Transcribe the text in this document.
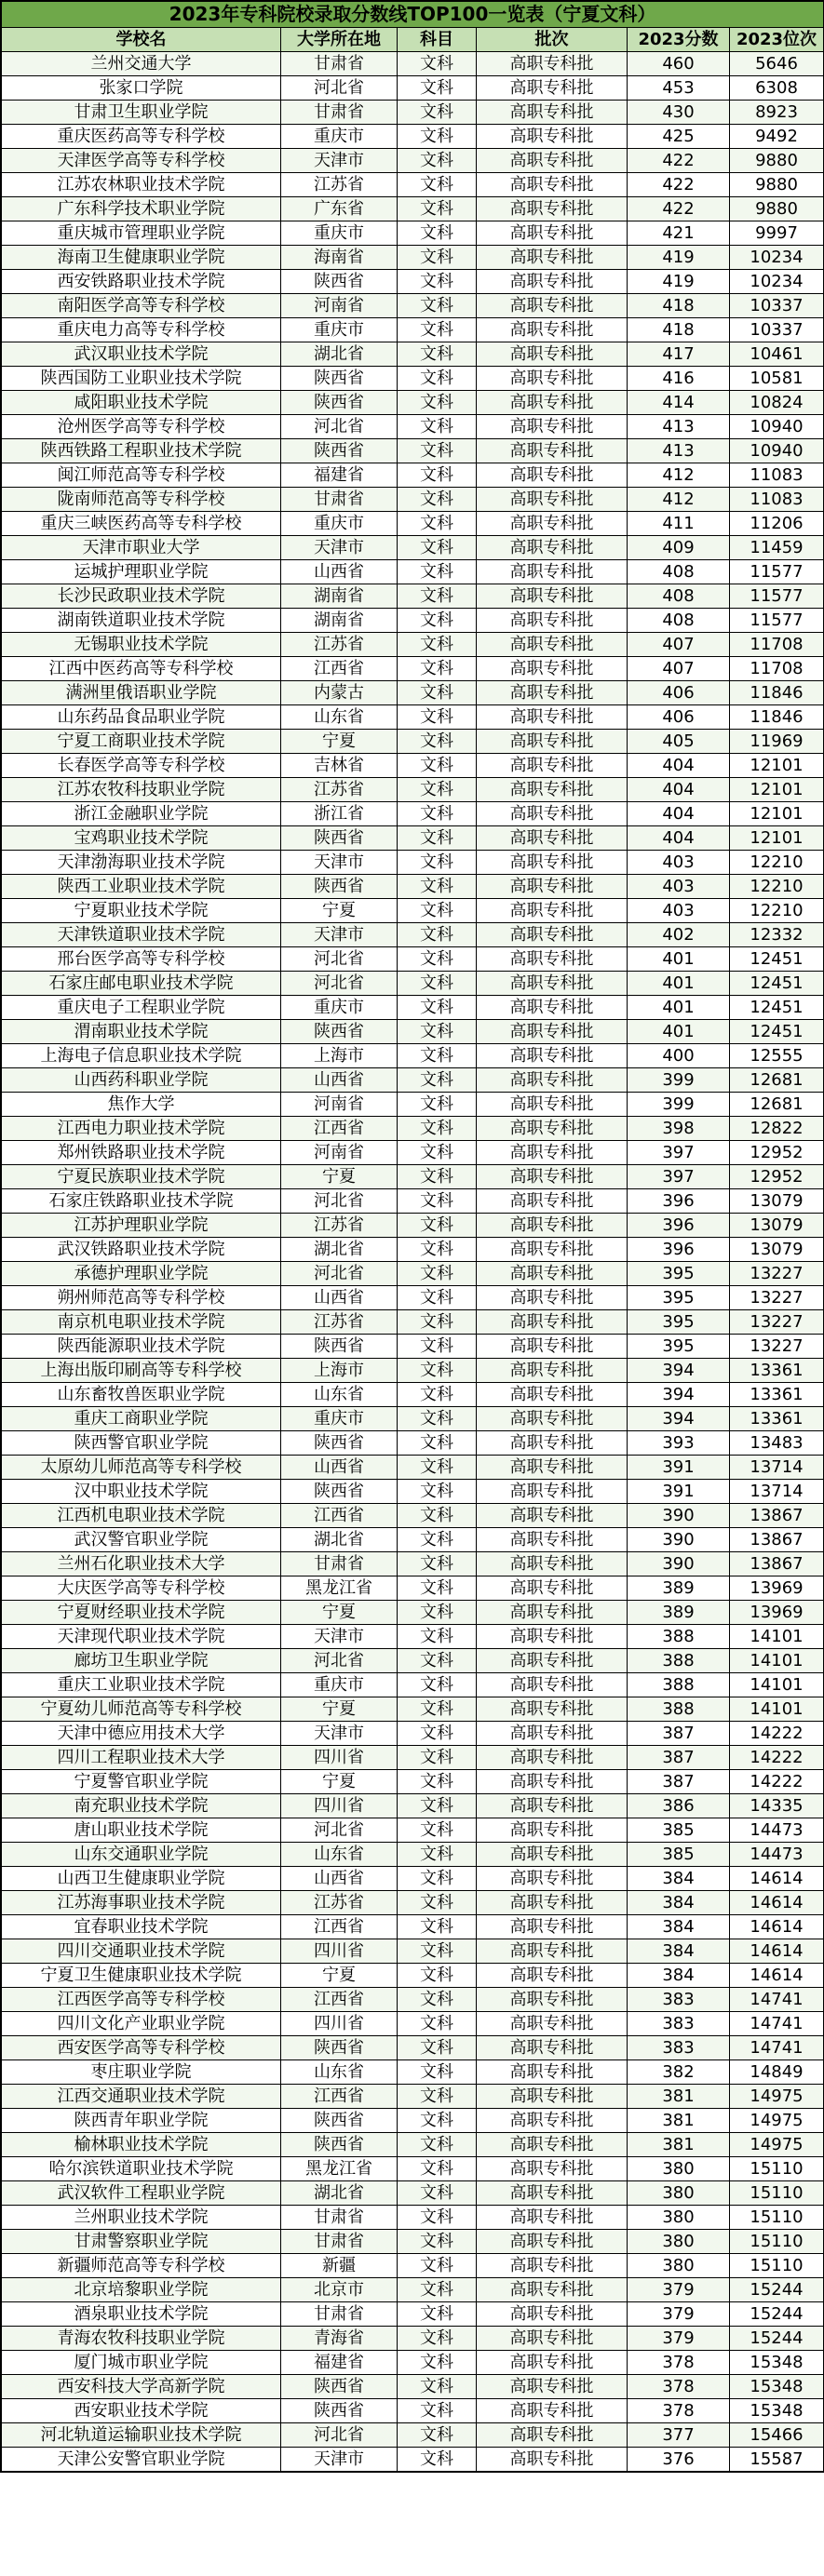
2023年专科院校录取分数线TOP100一览表（宁夏文科）					
学校名	大学所在地	科目	批次	2023分数	2023位次
兰州交通大学	甘肃省	文科	高职专科批	460	5646
张家口学院	河北省	文科	高职专科批	453	6308
甘肃卫生职业学院	甘肃省	文科	高职专科批	430	8923
重庆医药高等专科学校	重庆市	文科	高职专科批	425	9492
天津医学高等专科学校	天津市	文科	高职专科批	422	9880
江苏农林职业技术学院	江苏省	文科	高职专科批	422	9880
广东科学技术职业学院	广东省	文科	高职专科批	422	9880
重庆城市管理职业学院	重庆市	文科	高职专科批	421	9997
海南卫生健康职业学院	海南省	文科	高职专科批	419	10234
西安铁路职业技术学院	陕西省	文科	高职专科批	419	10234
南阳医学高等专科学校	河南省	文科	高职专科批	418	10337
重庆电力高等专科学校	重庆市	文科	高职专科批	418	10337
武汉职业技术学院	湖北省	文科	高职专科批	417	10461
陕西国防工业职业技术学院	陕西省	文科	高职专科批	416	10581
咸阳职业技术学院	陕西省	文科	高职专科批	414	10824
沧州医学高等专科学校	河北省	文科	高职专科批	413	10940
陕西铁路工程职业技术学院	陕西省	文科	高职专科批	413	10940
闽江师范高等专科学校	福建省	文科	高职专科批	412	11083
陇南师范高等专科学校	甘肃省	文科	高职专科批	412	11083
重庆三峡医药高等专科学校	重庆市	文科	高职专科批	411	11206
天津市职业大学	天津市	文科	高职专科批	409	11459
运城护理职业学院	山西省	文科	高职专科批	408	11577
长沙民政职业技术学院	湖南省	文科	高职专科批	408	11577
湖南铁道职业技术学院	湖南省	文科	高职专科批	408	11577
无锡职业技术学院	江苏省	文科	高职专科批	407	11708
江西中医药高等专科学校	江西省	文科	高职专科批	407	11708
满洲里俄语职业学院	内蒙古	文科	高职专科批	406	11846
山东药品食品职业学院	山东省	文科	高职专科批	406	11846
宁夏工商职业技术学院	宁夏	文科	高职专科批	405	11969
长春医学高等专科学校	吉林省	文科	高职专科批	404	12101
江苏农牧科技职业学院	江苏省	文科	高职专科批	404	12101
浙江金融职业学院	浙江省	文科	高职专科批	404	12101
宝鸡职业技术学院	陕西省	文科	高职专科批	404	12101
天津渤海职业技术学院	天津市	文科	高职专科批	403	12210
陕西工业职业技术学院	陕西省	文科	高职专科批	403	12210
宁夏职业技术学院	宁夏	文科	高职专科批	403	12210
天津铁道职业技术学院	天津市	文科	高职专科批	402	12332
邢台医学高等专科学校	河北省	文科	高职专科批	401	12451
石家庄邮电职业技术学院	河北省	文科	高职专科批	401	12451
重庆电子工程职业学院	重庆市	文科	高职专科批	401	12451
渭南职业技术学院	陕西省	文科	高职专科批	401	12451
上海电子信息职业技术学院	上海市	文科	高职专科批	400	12555
山西药科职业学院	山西省	文科	高职专科批	399	12681
焦作大学	河南省	文科	高职专科批	399	12681
江西电力职业技术学院	江西省	文科	高职专科批	398	12822
郑州铁路职业技术学院	河南省	文科	高职专科批	397	12952
宁夏民族职业技术学院	宁夏	文科	高职专科批	397	12952
石家庄铁路职业技术学院	河北省	文科	高职专科批	396	13079
江苏护理职业学院	江苏省	文科	高职专科批	396	13079
武汉铁路职业技术学院	湖北省	文科	高职专科批	396	13079
承德护理职业学院	河北省	文科	高职专科批	395	13227
朔州师范高等专科学校	山西省	文科	高职专科批	395	13227
南京机电职业技术学院	江苏省	文科	高职专科批	395	13227
陕西能源职业技术学院	陕西省	文科	高职专科批	395	13227
上海出版印刷高等专科学校	上海市	文科	高职专科批	394	13361
山东畜牧兽医职业学院	山东省	文科	高职专科批	394	13361
重庆工商职业学院	重庆市	文科	高职专科批	394	13361
陕西警官职业学院	陕西省	文科	高职专科批	393	13483
太原幼儿师范高等专科学校	山西省	文科	高职专科批	391	13714
汉中职业技术学院	陕西省	文科	高职专科批	391	13714
江西机电职业技术学院	江西省	文科	高职专科批	390	13867
武汉警官职业学院	湖北省	文科	高职专科批	390	13867
兰州石化职业技术大学	甘肃省	文科	高职专科批	390	13867
大庆医学高等专科学校	黑龙江省	文科	高职专科批	389	13969
宁夏财经职业技术学院	宁夏	文科	高职专科批	389	13969
天津现代职业技术学院	天津市	文科	高职专科批	388	14101
廊坊卫生职业学院	河北省	文科	高职专科批	388	14101
重庆工业职业技术学院	重庆市	文科	高职专科批	388	14101
宁夏幼儿师范高等专科学校	宁夏	文科	高职专科批	388	14101
天津中德应用技术大学	天津市	文科	高职专科批	387	14222
四川工程职业技术大学	四川省	文科	高职专科批	387	14222
宁夏警官职业学院	宁夏	文科	高职专科批	387	14222
南充职业技术学院	四川省	文科	高职专科批	386	14335
唐山职业技术学院	河北省	文科	高职专科批	385	14473
山东交通职业学院	山东省	文科	高职专科批	385	14473
山西卫生健康职业学院	山西省	文科	高职专科批	384	14614
江苏海事职业技术学院	江苏省	文科	高职专科批	384	14614
宜春职业技术学院	江西省	文科	高职专科批	384	14614
四川交通职业技术学院	四川省	文科	高职专科批	384	14614
宁夏卫生健康职业技术学院	宁夏	文科	高职专科批	384	14614
江西医学高等专科学校	江西省	文科	高职专科批	383	14741
四川文化产业职业学院	四川省	文科	高职专科批	383	14741
西安医学高等专科学校	陕西省	文科	高职专科批	383	14741
枣庄职业学院	山东省	文科	高职专科批	382	14849
江西交通职业技术学院	江西省	文科	高职专科批	381	14975
陕西青年职业学院	陕西省	文科	高职专科批	381	14975
榆林职业技术学院	陕西省	文科	高职专科批	381	14975
哈尔滨铁道职业技术学院	黑龙江省	文科	高职专科批	380	15110
武汉软件工程职业学院	湖北省	文科	高职专科批	380	15110
兰州职业技术学院	甘肃省	文科	高职专科批	380	15110
甘肃警察职业学院	甘肃省	文科	高职专科批	380	15110
新疆师范高等专科学校	新疆	文科	高职专科批	380	15110
北京培黎职业学院	北京市	文科	高职专科批	379	15244
酒泉职业技术学院	甘肃省	文科	高职专科批	379	15244
青海农牧科技职业学院	青海省	文科	高职专科批	379	15244
厦门城市职业学院	福建省	文科	高职专科批	378	15348
西安科技大学高新学院	陕西省	文科	高职专科批	378	15348
西安职业技术学院	陕西省	文科	高职专科批	378	15348
河北轨道运输职业技术学院	河北省	文科	高职专科批	377	15466
天津公安警官职业学院	天津市	文科	高职专科批	376	15587
